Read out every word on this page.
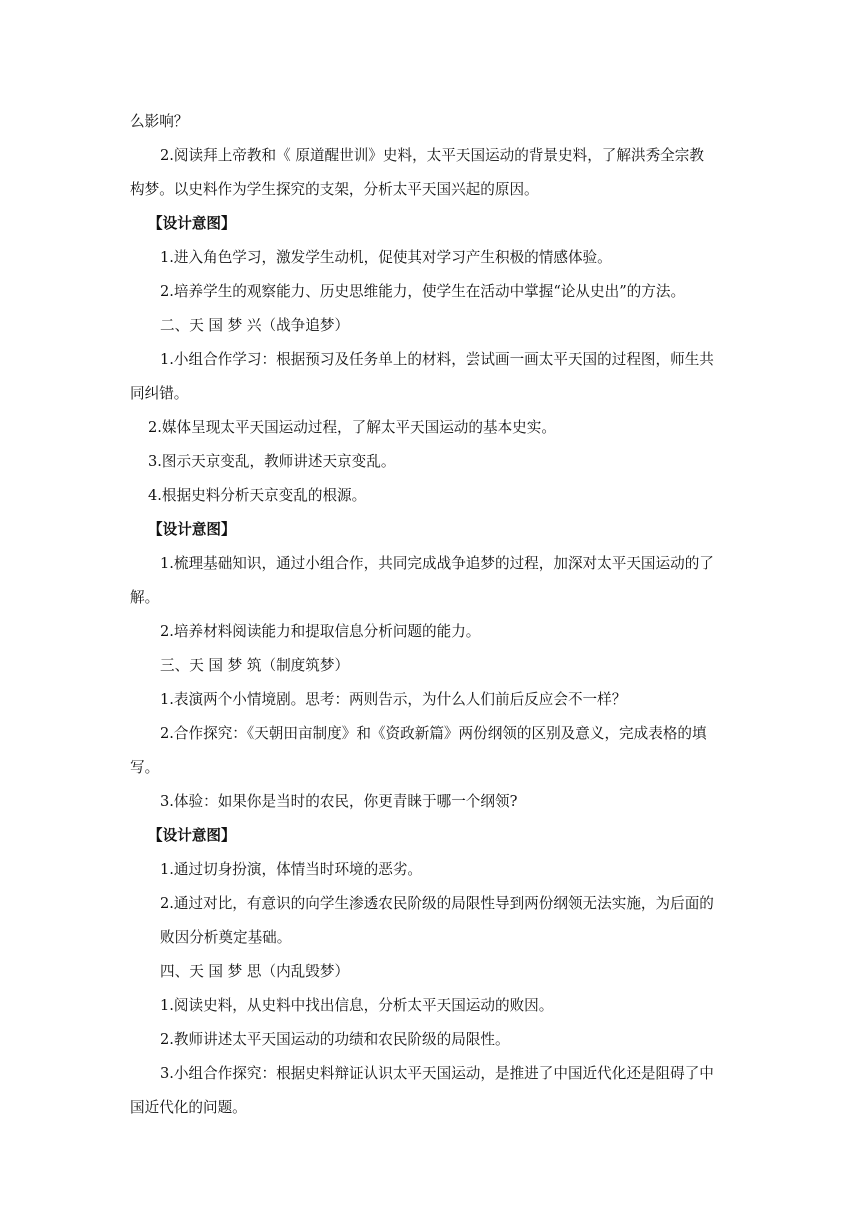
么影响？
2.阅读拜上帝教和《 原道醒世训》史料，太平天国运动的背景史料，了解洪秀全宗教
构梦。以史料作为学生探究的支架，分析太平天国兴起的原因。
【设计意图】
1.进入角色学习，激发学生动机，促使其对学习产生积极的情感体验。
2.培养学生的观察能力、历史思维能力，使学生在活动中掌握“论从史出”的方法。
二、天 国 梦 兴（战争追梦）
1.小组合作学习：根据预习及任务单上的材料，尝试画一画太平天国的过程图，师生共
同纠错。
2.媒体呈现太平天国运动过程，了解太平天国运动的基本史实。
3.图示天京变乱，教师讲述天京变乱。
4.根据史料分析天京变乱的根源。
【设计意图】
1.梳理基础知识，通过小组合作，共同完成战争追梦的过程，加深对太平天国运动的了
解。
2.培养材料阅读能力和提取信息分析问题的能力。
三、天 国 梦 筑（制度筑梦）
1.表演两个小情境剧。思考：两则告示，为什么人们前后反应会不一样？
2.合作探究：《天朝田亩制度》和《资政新篇》两份纲领的区别及意义，完成表格的填
写。
3.体验：如果你是当时的农民，你更青睐于哪一个纲领?
【设计意图】
1.通过切身扮演，体情当时环境的恶劣。
2.通过对比，有意识的向学生渗透农民阶级的局限性导到两份纲领无法实施，为后面的
败因分析奠定基础。
四、天 国 梦 思（内乱毁梦）
1.阅读史料，从史料中找出信息，分析太平天国运动的败因。
2.教师讲述太平天国运动的功绩和农民阶级的局限性。
3.小组合作探究：根据史料辩证认识太平天国运动，是推进了中国近代化还是阻碍了中
国近代化的问题。
